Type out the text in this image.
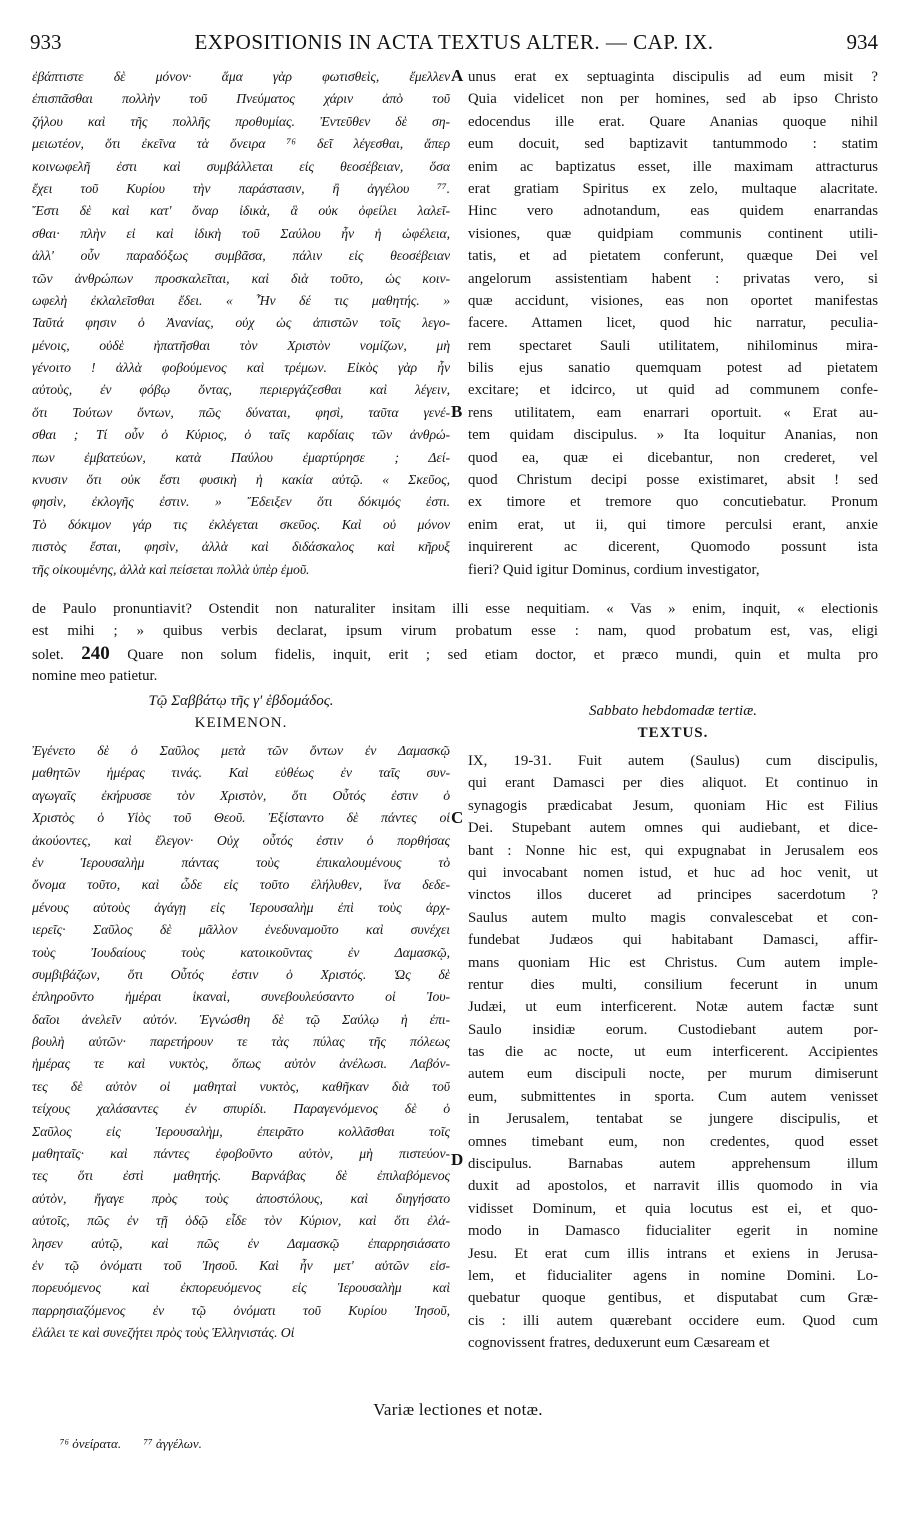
933	EXPOSITIONIS IN ACTA TEXTUS ALTER. — CAP. IX.	934
ἐβάπτιστε δὲ μόνον· ἅμα γὰρ φωτισθεὶς, ἔμελλεν
ἐπισπᾶσθαι πολλὴν τοῦ Πνεύματος χάριν ἀπὸ τοῦ
ζήλου καὶ τῆς πολλῆς προθυμίας. Ἐντεῦθεν δὲ ση-
μειωτέον, ὅτι ἐκεῖνα τὰ ὄνειρα ⁷⁶ δεῖ λέγεσθαι, ἅπερ
κοινωφελῆ ἐστι καὶ συμβάλλεται εἰς θεοσέβειαν, ὅσα
ἔχει τοῦ Κυρίου τὴν παράστασιν, ἢ ἀγγέλου ⁷⁷.
Ἔστι δὲ καὶ κατ' ὄναρ ἰδικὰ, ἃ οὐκ ὀφείλει λαλεῖ-
σθαι· πλὴν εἰ καὶ ἰδικὴ τοῦ Σαύλου ἦν ἡ ὠφέλεια,
ἀλλ' οὖν παραδόξως συμβᾶσα, πάλιν εἰς θεοσέβειαν
τῶν ἀνθρώπων προσκαλεῖται, καὶ διὰ τοῦτο, ὡς κοιν-
ωφελὴ ἐκλαλεῖσθαι ἔδει. « Ἦν δέ τις μαθητής. »
Ταῦτά φησιν ὁ Ἀνανίας, οὐχ ὡς ἀπιστῶν τοῖς λεγο-
μένοις, οὐδὲ ἠπατῆσθαι τὸν Χριστὸν νομίζων, μὴ
γένοιτο ! ἀλλὰ φοβούμενος καὶ τρέμων. Εἰκὸς γὰρ ἦν
αὐτοὺς, ἐν φόβῳ ὄντας, περιεργάζεσθαι καὶ λέγειν,
ὅτι Τούτων ὄντων, πῶς δύναται, φησὶ, ταῦτα γενέ-
σθαι ; Τί οὖν ὁ Κύριος, ὁ ταῖς καρδίαις τῶν ἀνθρώ-
πων ἐμβατεύων, κατὰ Παύλου ἐμαρτύρησε ; Δεί-
κνυσιν ὅτι οὐκ ἔστι φυσικὴ ἡ κακία αὐτῷ. « Σκεῦος,
φησὶν, ἐκλογῆς ἐστιν. » Ἔδειξεν ὅτι δόκιμός ἐστι.
Τὸ δόκιμον γάρ τις ἐκλέγεται σκεῦος. Καὶ οὐ μόνον
πιστὸς ἔσται, φησὶν, ἀλλὰ καὶ διδάσκαλος καὶ κῆρυξ
τῆς οἰκουμένης, ἀλλὰ καὶ πείσεται πολλὰ ὑπὲρ ἐμοῦ.
unus erat ex septuaginta discipulis ad eum misit ?
Quia videlicet non per homines, sed ab ipso Christo
edocendus ille erat. Quare Ananias quoque nihil
eum docuit, sed baptizavit tantummodo : statim
enim ac baptizatus esset, ille maximam attracturus
erat gratiam Spiritus ex zelo, multaque alacritate.
Hinc vero adnotandum, eas quidem enarrandas
visiones, quæ quidpiam communis continent utili-
tatis, et ad pietatem conferunt, quæque Dei vel
angelorum assistentiam habent : privatas vero, si
quæ accidunt, visiones, eas non oportet manifestas
facere. Attamen licet, quod hic narratur, peculia-
rem spectaret Sauli utilitatem, nihilominus mira-
bilis ejus sanatio quemquam potest ad pietatem
excitare; et idcirco, ut quid ad communem confe-
rens utilitatem, eam enarrari oportuit. « Erat au-
tem quidam discipulus. » Ita loquitur Ananias, non
quod ea, quæ ei dicebantur, non crederet, vel
quod Christum decipi posse existimaret, absit ! sed
ex timore et tremore quo concutiebatur. Pronum
enim erat, ut ii, qui timore perculsi erant, anxie
inquirerent ac dicerent, Quomodo possunt ista
fieri? Quid igitur Dominus, cordium investigator,
A
B
de Paulo pronuntiavit? Ostendit non naturaliter insitam illi esse nequitiam. « Vas » enim, inquit, « electionis
est mihi ; » quibus verbis declarat, ipsum virum probatum esse : nam, quod probatum est, vas, eligi
solet. 240 Quare non solum fidelis, inquit, erit ; sed etiam doctor, et præco mundi, quin et multa pro
nomine meo patietur.
Τῷ Σαββάτῳ τῆς γ' ἑβδομάδος.
ΚΕΙΜΕΝΟΝ.
Sabbato hebdomadæ tertiæ.
TEXTUS.
Ἐγένετο δὲ ὁ Σαῦλος μετὰ τῶν ὄντων ἐν Δαμασκῷ
μαθητῶν ἡμέρας τινάς. Καὶ εὐθέως ἐν ταῖς συν-
αγωγαῖς ἐκήρυσσε τὸν Χριστὸν, ὅτι Οὗτός ἐστιν ὁ
Χριστὸς ὁ Υἱὸς τοῦ Θεοῦ. Ἐξίσταντο δὲ πάντες οἱ
ἀκούοντες, καὶ ἔλεγον· Οὐχ οὗτός ἐστιν ὁ πορθήσας
ἐν Ἱερουσαλὴμ πάντας τοὺς ἐπικαλουμένους τὸ
ὄνομα τοῦτο, καὶ ὧδε εἰς τοῦτο ἐλήλυθεν, ἵνα δεδε-
μένους αὐτοὺς ἀγάγῃ εἰς Ἱερουσαλὴμ ἐπὶ τοὺς ἀρχ-
ιερεῖς· Σαῦλος δὲ μᾶλλον ἐνεδυναμοῦτο καὶ συνέχει
τοὺς Ἰουδαίους τοὺς κατοικοῦντας ἐν Δαμασκῷ,
συμβιβάζων, ὅτι Οὗτός ἐστιν ὁ Χριστός. Ὡς δὲ
ἐπληροῦντο ἡμέραι ἱκαναὶ, συνεβουλεύσαντο οἱ Ἰου-
δαῖοι ἀνελεῖν αὐτόν. Ἐγνώσθη δὲ τῷ Σαύλῳ ἡ ἐπι-
βουλὴ αὐτῶν· παρετήρουν τε τὰς πύλας τῆς πόλεως
ἡμέρας τε καὶ νυκτὸς, ὅπως αὐτὸν ἀνέλωσι. Λαβόν-
τες δὲ αὐτὸν οἱ μαθηταὶ νυκτὸς, καθῆκαν διὰ τοῦ
τείχους χαλάσαντες ἐν σπυρίδι. Παραγενόμενος δὲ ὁ
Σαῦλος εἰς Ἱερουσαλὴμ, ἐπειρᾶτο κολλᾶσθαι τοῖς
μαθηταῖς· καὶ πάντες ἐφοβοῦντο αὐτὸν, μὴ πιστεύον-
τες ὅτι ἐστὶ μαθητής. Βαρνάβας δὲ ἐπιλαβόμενος
αὐτὸν, ἤγαγε πρὸς τοὺς ἀποστόλους, καὶ διηγήσατο
αὐτοῖς, πῶς ἐν τῇ ὁδῷ εἶδε τὸν Κύριον, καὶ ὅτι ἐλά-
λησεν αὐτῷ, καὶ πῶς ἐν Δαμασκῷ ἐπαρρησιάσατο
ἐν τῷ ὀνόματι τοῦ Ἰησοῦ. Καὶ ἦν μετ' αὐτῶν εἰσ-
πορευόμενος καὶ ἐκπορευόμενος εἰς Ἱερουσαλὴμ καὶ
παρρησιαζόμενος ἐν τῷ ὀνόματι τοῦ Κυρίου Ἰησοῦ,
ἐλάλει τε καὶ συνεζήτει πρὸς τοὺς Ἑλληνιστάς. Οἱ
IX, 19-31. Fuit autem (Saulus) cum discipulis,
qui erant Damasci per dies aliquot. Et continuo in
synagogis prædicabat Jesum, quoniam Hic est Filius
Dei. Stupebant autem omnes qui audiebant, et dice-
bant : Nonne hic est, qui expugnabat in Jerusalem eos
qui invocabant nomen istud, et huc ad hoc venit, ut
vinctos illos duceret ad principes sacerdotum ?
Saulus autem multo magis convalescebat et con-
fundebat Judæos qui habitabant Damasci, affir-
mans quoniam Hic est Christus. Cum autem imple-
rentur dies multi, consilium fecerunt in unum
Judæi, ut eum interficerent. Notæ autem factæ sunt
Saulo insidiæ eorum. Custodiebant autem por-
tas die ac nocte, ut eum interficerent. Accipientes
autem eum discipuli nocte, per murum dimiserunt
eum, submittentes in sporta. Cum autem venisset
in Jerusalem, tentabat se jungere discipulis, et
omnes timebant eum, non credentes, quod esset
discipulus. Barnabas autem apprehensum illum
duxit ad apostolos, et narravit illis quomodo in via
vidisset Dominum, et quia locutus est ei, et quo-
modo in Damasco fiducialiter egerit in nomine
Jesu. Et erat cum illis intrans et exiens in Jerusa-
lem, et fiducialiter agens in nomine Domini. Lo-
quebatur quoque gentibus, et disputabat cum Græ-
cis : illi autem quærebant occidere eum. Quod cum
cognovissent fratres, deduxerunt eum Cæsaream et
C
D
Variæ lectiones et notæ.
⁷⁶ ὀνείρατα. ⁷⁷ ἀγγέλων.
